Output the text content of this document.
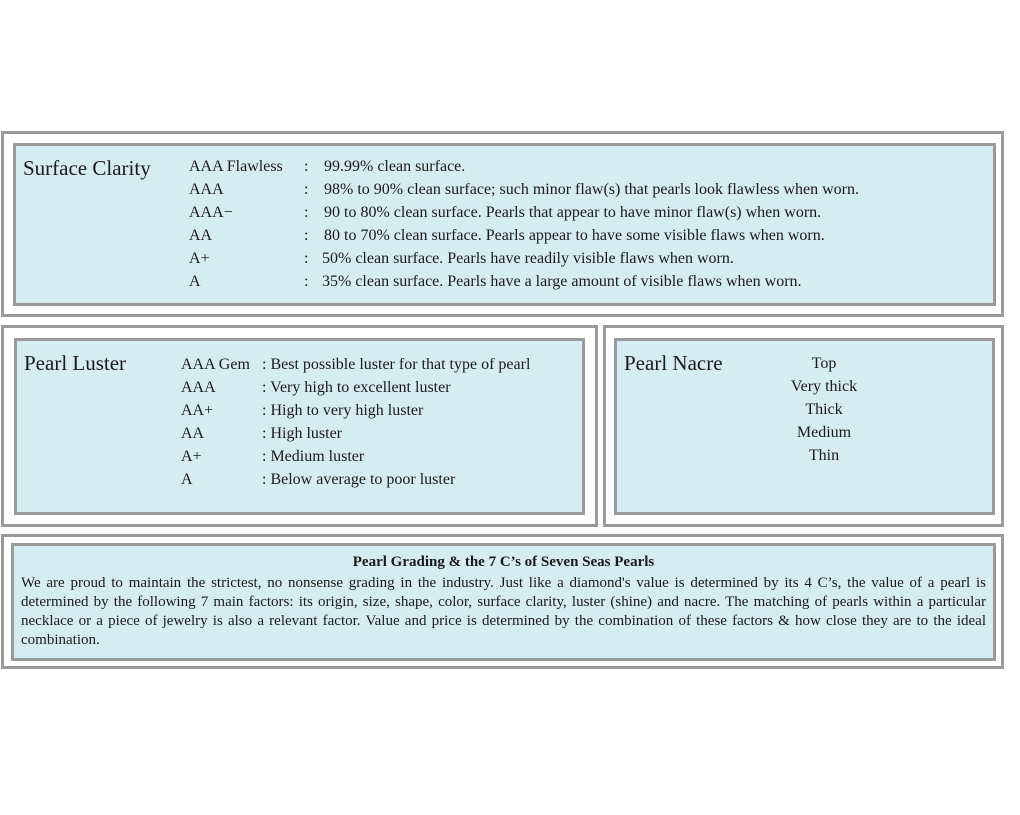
Surface Clarity AAA Flawless : 99.99% clean surface.
AAA	: 98% to 90% clean surface; such minor flaw(s) that pearls look flawless when worn.
AAA−	: 90 to 80% clean surface. Pearls that appear to have minor flaw(s) when worn.
AA	: 80 to 70% clean surface. Pearls appear to have some visible flaws when worn.
A+	: 50% clean surface. Pearls have readily visible flaws when worn.
A	: 35% clean surface. Pearls have a large amount of visible flaws when worn.
Pearl Luster	AAA Gem : Best possible luster for that type of pearl
AAA	: Very high to excellent luster
AA+	: High to very high luster
AA	: High luster
A+	: Medium luster
A	: Below average to poor luster
Pearl Nacre	Top
Very thick
Thick
Medium
Thin
Pearl Grading & the 7 C’s of Seven Seas Pearls
We are proud to maintain the strictest, no nonsense grading in the industry. Just like a diamond's value is determined by its 4 C’s, the value of a pearl is determined by the following 7 main factors: its origin, size, shape, color, surface clarity, luster (shine) and nacre. The matching of pearls within a particular necklace or a piece of jewelry is also a relevant factor. Value and price is determined by the combination of these factors & how close they are to the ideal combination.
